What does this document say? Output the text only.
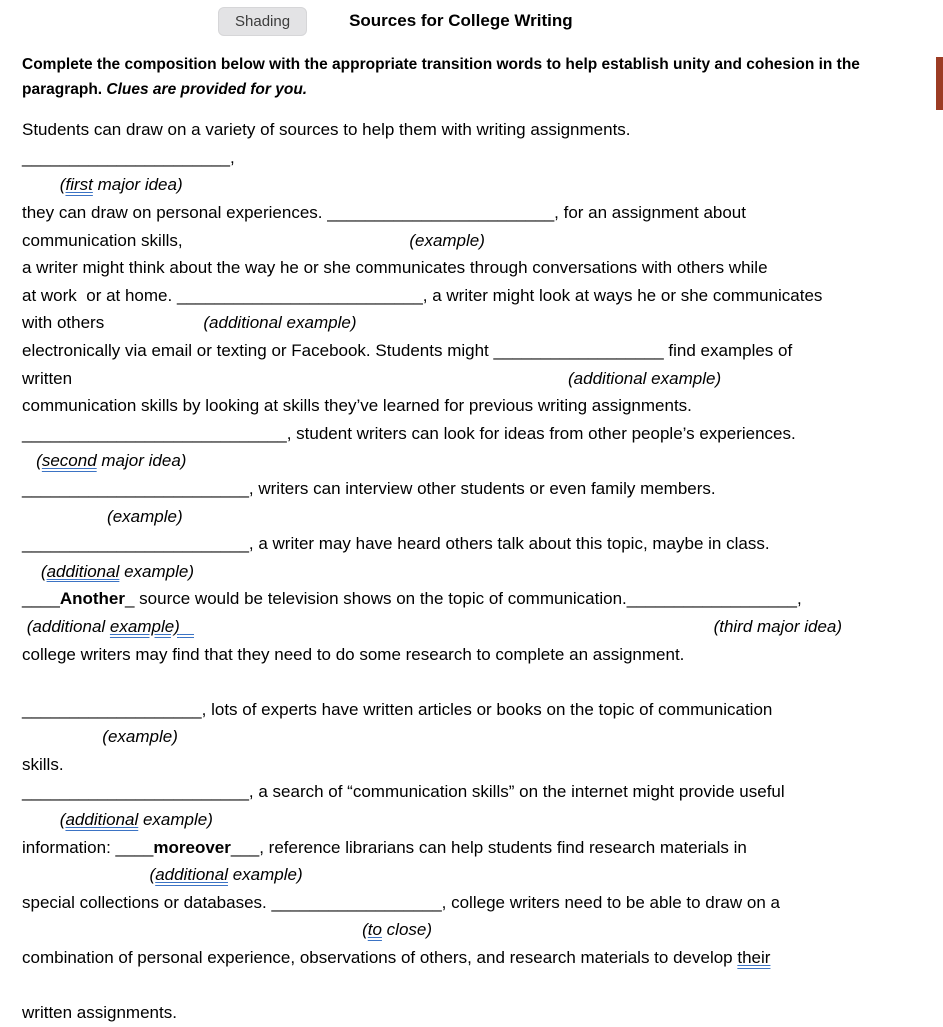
Shading	Sources for College Writing

Complete the composition below with the appropriate transition words to help establish unity and cohesion in the paragraph. Clues are provided for you.

Students can draw on a variety of sources to help them with writing assignments.
______________________,
(first major idea)
they can draw on personal experiences. ________________________, for an assignment about
communication skills,	(example)
a writer might think about the way he or she communicates through conversations with others while
at work  or at home. __________________________, a writer might look at ways he or she communicates
with others	(additional example)
electronically via email or texting or Facebook. Students might __________________ find examples of
written	(additional example)
communication skills by looking at skills they’ve learned for previous writing assignments.
____________________________, student writers can look for ideas from other people’s experiences.
(second major idea)
________________________, writers can interview other students or even family members.
(example)
________________________, a writer may have heard others talk about this topic, maybe in class.
(additional example)
____Another_ source would be television shows on the topic of communication.__________________,
(additional example)	(third major idea)
college writers may find that they need to do some research to complete an assignment.

___________________, lots of experts have written articles or books on the topic of communication
(example)
skills.
________________________, a search of “communication skills” on the internet might provide useful
(additional example)
information: ____moreover___, reference librarians can help students find research materials in
(additional example)
special collections or databases. __________________, college writers need to be able to draw on a
(to close)
combination of personal experience, observations of others, and research materials to develop their

written assignments.
